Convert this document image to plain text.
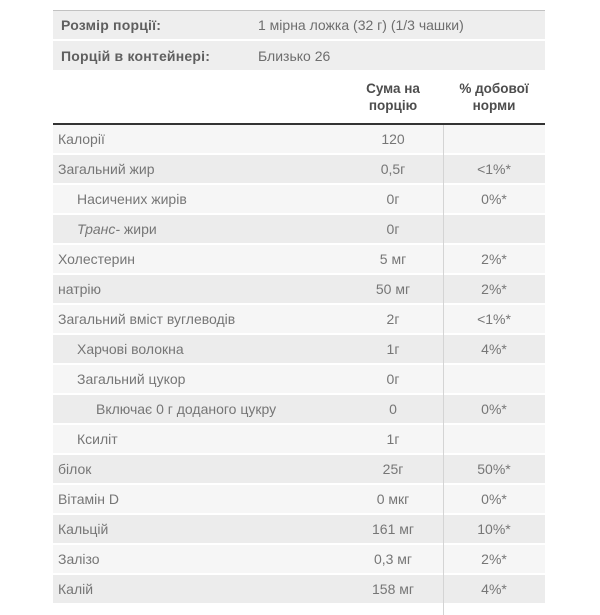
Розмір порції:	1 мірна ложка (32 г) (1/3 чашки)
Порцій в контейнері:	Близько 26
Сума на
порцію
% добової
норми
Калорії	120
Загальний жир	0,5г	<1%*
Насичених жирів	0г	0%*
Транс- жири	0г
Холестерин	5 мг	2%*
натрію	50 мг	2%*
Загальний вміст вуглеводів	2г	<1%*
Харчові волокна	1г	4%*
Загальний цукор	0г
Включає 0 г доданого цукру	0	0%*
Ксиліт	1г
білок	25г	50%*
Вітамін D	0 мкг	0%*
Кальцій	161 мг	10%*
Залізо	0,3 мг	2%*
Калій	158 мг	4%*
